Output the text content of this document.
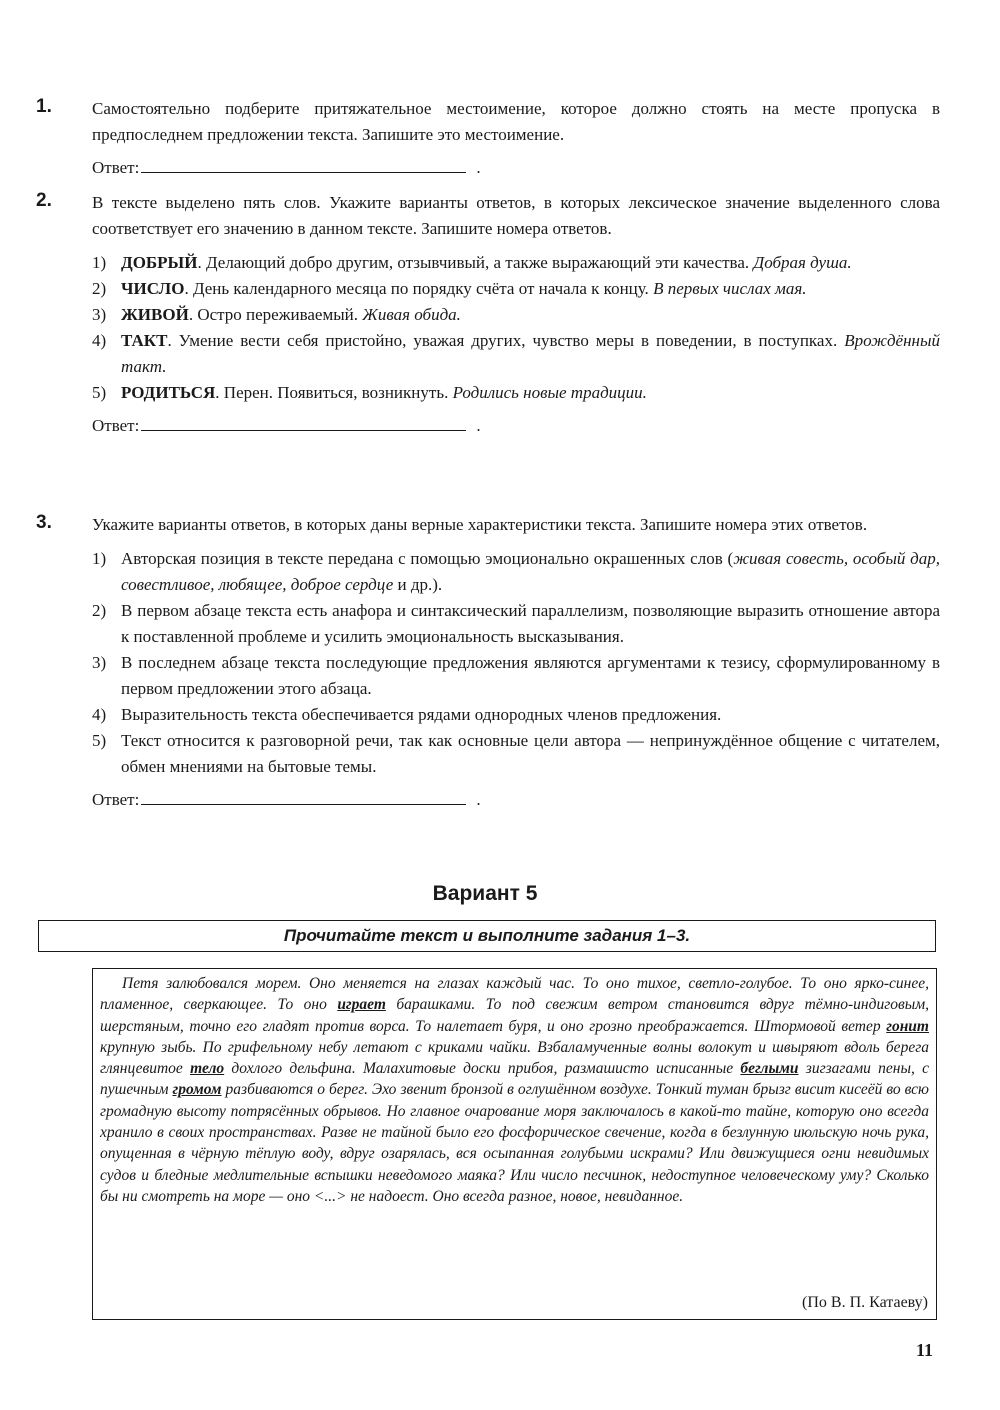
1. Самостоятельно подберите притяжательное местоимение, которое должно стоять на месте пропуска в предпоследнем предложении текста. Запишите это местоимение.
Ответ:	.
2. В тексте выделено пять слов. Укажите варианты ответов, в которых лексическое значение выделенного слова соответствует его значению в данном тексте. Запишите номера ответов.
1) ДОБРЫЙ. Делающий добро другим, отзывчивый, а также выражающий эти качества. Добрая душа.
2) ЧИСЛО. День календарного месяца по порядку счёта от начала к концу. В первых числах мая.
3) ЖИВОЙ. Остро переживаемый. Живая обида.
4) ТАКТ. Умение вести себя пристойно, уважая других, чувство меры в поведении, в поступках. Врождённый такт.
5) РОДИТЬСЯ. Перен. Появиться, возникнуть. Родились новые традиции.
Ответ:	.
3. Укажите варианты ответов, в которых даны верные характеристики текста. Запишите номера этих ответов.
1) Авторская позиция в тексте передана с помощью эмоционально окрашенных слов (живая совесть, особый дар, совестливое, любящее, доброе сердце и др.).
2) В первом абзаце текста есть анафора и синтаксический параллелизм, позволяющие выразить отношение автора к поставленной проблеме и усилить эмоциональность высказывания.
3) В последнем абзаце текста последующие предложения являются аргументами к тезису, сформулированному в первом предложении этого абзаца.
4) Выразительность текста обеспечивается рядами однородных членов предложения.
5) Текст относится к разговорной речи, так как основные цели автора — непринуждённое общение с читателем, обмен мнениями на бытовые темы.
Ответ:	.
Вариант 5
Прочитайте текст и выполните задания 1–3.

Петя залюбовался морем. Оно меняется на глазах каждый час. То оно тихое, светло-голубое. То оно ярко-синее, пламенное, сверкающее. То оно играет барашками. То под свежим ветром становится вдруг тёмно-индиговым, шерстяным, точно его гладят против ворса. То налетает буря, и оно грозно преображается. Штормовой ветер гонит крупную зыбь. По грифельному небу летают с криками чайки. Взбаламученные волны волокут и швыряют вдоль берега глянцевитое тело дохлого дельфина. Малахитовые доски прибоя, размашисто исписанные беглыми зигзагами пены, с пушечным громом разбиваются о берег. Эхо звенит бронзой в оглушённом воздухе. Тонкий туман брызг висит кисеёй во всю громадную высоту потрясённых обрывов. Но главное очарование моря заключалось в какой-то тайне, которую оно всегда хранило в своих пространствах. Разве не тайной было его фосфорическое свечение, когда в безлунную июльскую ночь рука, опущенная в чёрную тёплую воду, вдруг озарялась, вся осыпанная голубыми искрами? Или движущиеся огни невидимых судов и бледные медлительные вспышки неведомого маяка? Или число песчинок, недоступное человеческому уму? Сколько бы ни смотреть на море — оно <...> не надоест. Оно всегда разное, новое, невиданное.

(По В. П. Катаеву)
11
